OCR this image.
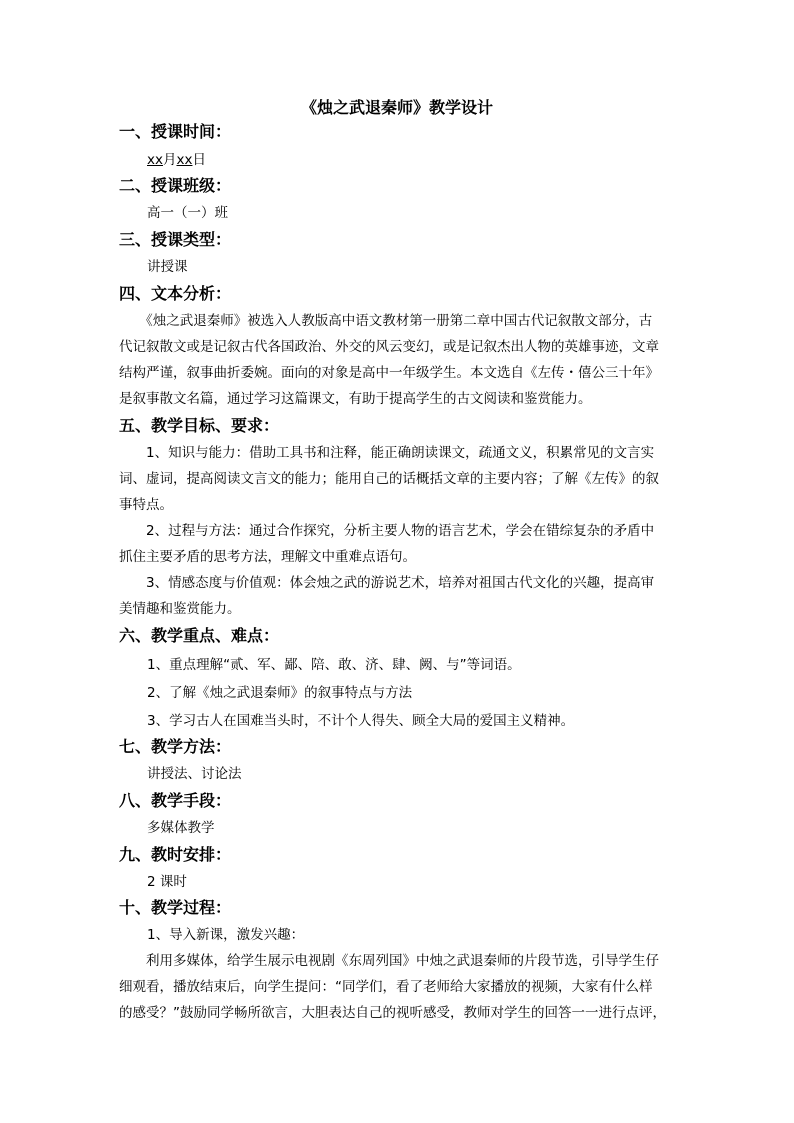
《烛之武退秦师》教学设计
一、授课时间：
xx月xx日
二、授课班级：
高一（一）班
三、授课类型：
讲授课
四、文本分析：
　　《烛之武退秦师》被选入人教版高中语文教材第一册第二章中国古代记叙散文部分，古
代记叙散文或是记叙古代各国政治、外交的风云变幻，或是记叙杰出人物的英雄事迹，文章
结构严谨，叙事曲折委婉。面向的对象是高中一年级学生。本文选自《左传・僖公三十年》
是叙事散文名篇，通过学习这篇课文，有助于提高学生的古文阅读和鉴赏能力。
五、教学目标、要求：
　　1、知识与能力：借助工具书和注释，能正确朗读课文，疏通文义，积累常见的文言实
词、虚词，提高阅读文言文的能力；能用自己的话概括文章的主要内容；了解《左传》的叙
事特点。
　　2、过程与方法：通过合作探究，分析主要人物的语言艺术，学会在错综复杂的矛盾中
抓住主要矛盾的思考方法，理解文中重难点语句。
　　3、情感态度与价值观：体会烛之武的游说艺术，培养对祖国古代文化的兴趣，提高审
美情趣和鉴赏能力。
六、教学重点、难点：
1、重点理解“贰、军、鄙、陪、敢、济、肆、阙、与”等词语。
2、了解《烛之武退秦师》的叙事特点与方法
3、学习古人在国难当头时，不计个人得失、顾全大局的爱国主义精神。
七、教学方法：
讲授法、讨论法
八、教学手段：
多媒体教学
九、教时安排：
2 课时
十、教学过程：
1、导入新课，激发兴趣：
　　利用多媒体，给学生展示电视剧《东周列国》中烛之武退秦师的片段节选，引导学生仔
细观看，播放结束后，向学生提问：“同学们，看了老师给大家播放的视频，大家有什么样
的感受？”鼓励同学畅所欲言，大胆表达自己的视听感受，教师对学生的回答一一进行点评，
